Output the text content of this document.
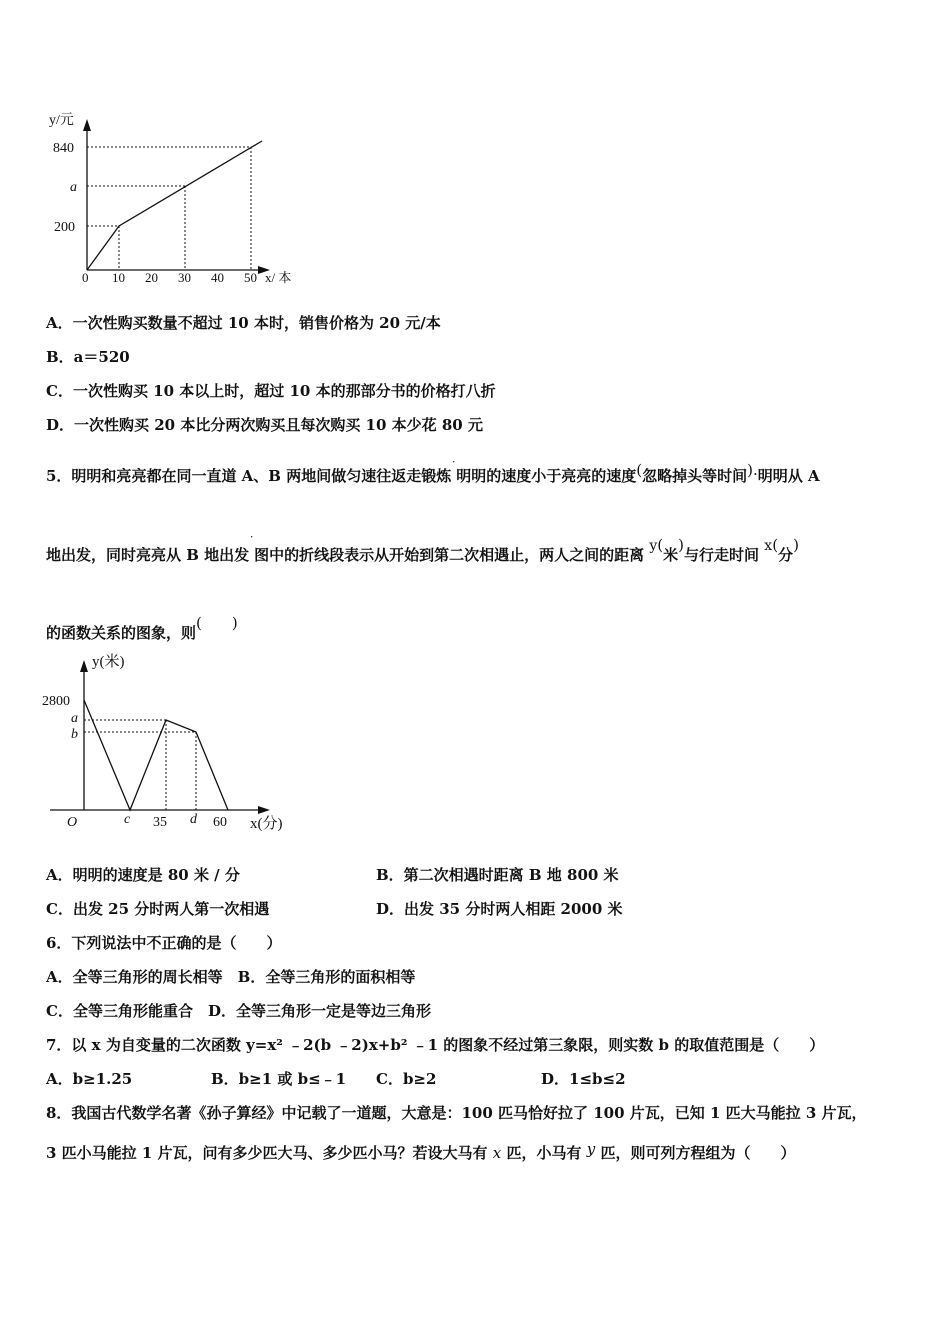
y/元
840
a
200
0 10 20 30 40 50 x/ 本
A．一次性购买数量不超过 10 本时，销售价格为 20 元/本
B．a＝520
C．一次性购买 10 本以上时，超过 10 本的那部分书的价格打八折
D．一次性购买 20 本比分两次购买且每次购买 10 本少花 80 元
5．明明和亮亮都在同一直道 A、B 两地间做匀速往返走锻炼˙明明的速度小于亮亮的速度(忽略掉头等时间).明明从 A
地出发，同时亮亮从 B 地出发˙图中的折线段表示从开始到第二次相遇止，两人之间的距离 y(米)与行走时间 x(分)
的函数关系的图象，则(　　)
y(米)
2800
a
b
O	c 35 d 60 x(分)
A．明明的速度是 80 米 / 分	B．第二次相遇时距离 B 地 800 米
C．出发 25 分时两人第一次相遇	D．出发 35 分时两人相距 2000 米
6．下列说法中不正确的是（　　）
A．全等三角形的周长相等　B．全等三角形的面积相等
C．全等三角形能重合　D．全等三角形一定是等边三角形
7．以 x 为自变量的二次函数 y=x² ﹣2(b ﹣2)x+b² ﹣1 的图象不经过第三象限，则实数 b 的取值范围是（　　）
A．b≥1.25	B．b≥1 或 b≤﹣1 C．b≥2	D．1≤b≤2
8．我国古代数学名著《孙子算经》中记载了一道题，大意是：100 匹马恰好拉了 100 片瓦，已知 1 匹大马能拉 3 片瓦，
3 匹小马能拉 1 片瓦，问有多少匹大马、多少匹小马？若设大马有 x 匹，小马有 y 匹，则可列方程组为（　　）
